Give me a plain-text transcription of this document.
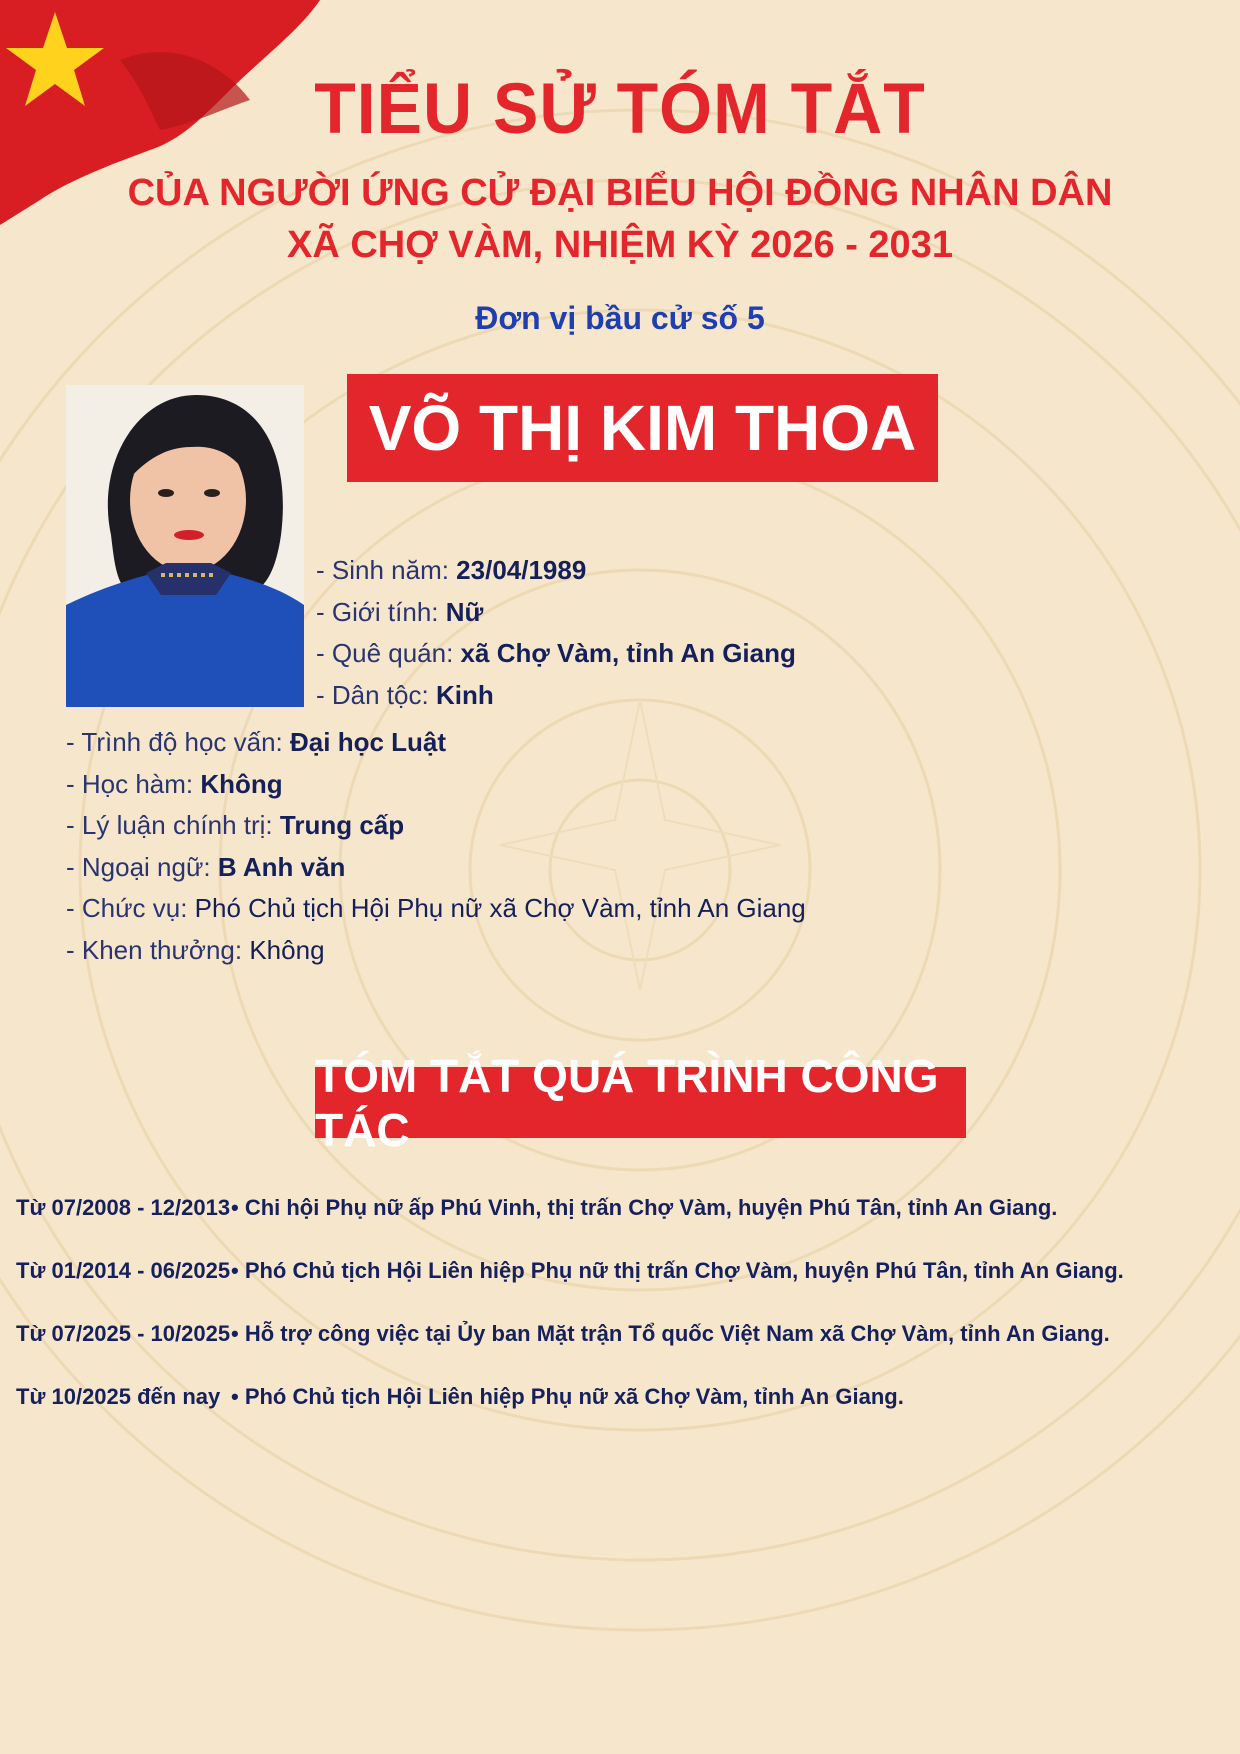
TIỂU SỬ TÓM TẮT
CỦA NGƯỜI ỨNG CỬ ĐẠI BIỂU HỘI ĐỒNG NHÂN DÂN
XÃ CHỢ VÀM, NHIỆM KỲ 2026 - 2031
Đơn vị bầu cử số 5
VÕ THỊ KIM THOA
- Sinh năm: 23/04/1989
- Giới tính: Nữ
- Quê quán: xã Chợ Vàm, tỉnh An Giang
- Dân tộc: Kinh
- Trình độ học vấn: Đại học Luật
- Học hàm: Không
- Lý luận chính trị: Trung cấp
- Ngoại ngữ: B Anh văn
- Chức vụ: Phó Chủ tịch Hội Phụ nữ xã Chợ Vàm, tỉnh An Giang
- Khen thưởng: Không
TÓM TẮT QUÁ TRÌNH CÔNG TÁC
Từ 07/2008 - 12/2013 • Chi hội Phụ nữ ấp Phú Vinh, thị trấn Chợ Vàm, huyện Phú Tân, tỉnh An Giang.
Từ 01/2014 - 06/2025 • Phó Chủ tịch Hội Liên hiệp Phụ nữ thị trấn Chợ Vàm, huyện Phú Tân, tỉnh An Giang.
Từ 07/2025 - 10/2025 • Hỗ trợ công việc tại Ủy ban Mặt trận Tổ quốc Việt Nam xã Chợ Vàm, tỉnh An Giang.
Từ 10/2025 đến nay • Phó Chủ tịch Hội Liên hiệp Phụ nữ xã Chợ Vàm, tỉnh An Giang.
